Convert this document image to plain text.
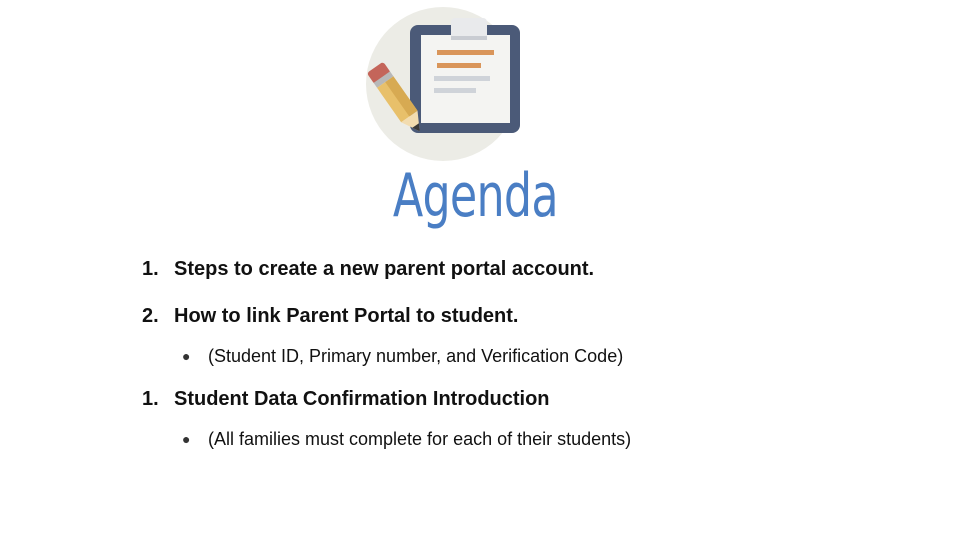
Agenda
1. Steps to create a new parent portal account.
2. How to link Parent Portal to student.
● (Student ID, Primary number, and Verification Code)
1. Student Data Confirmation Introduction
● (All families must complete for each of their students)
